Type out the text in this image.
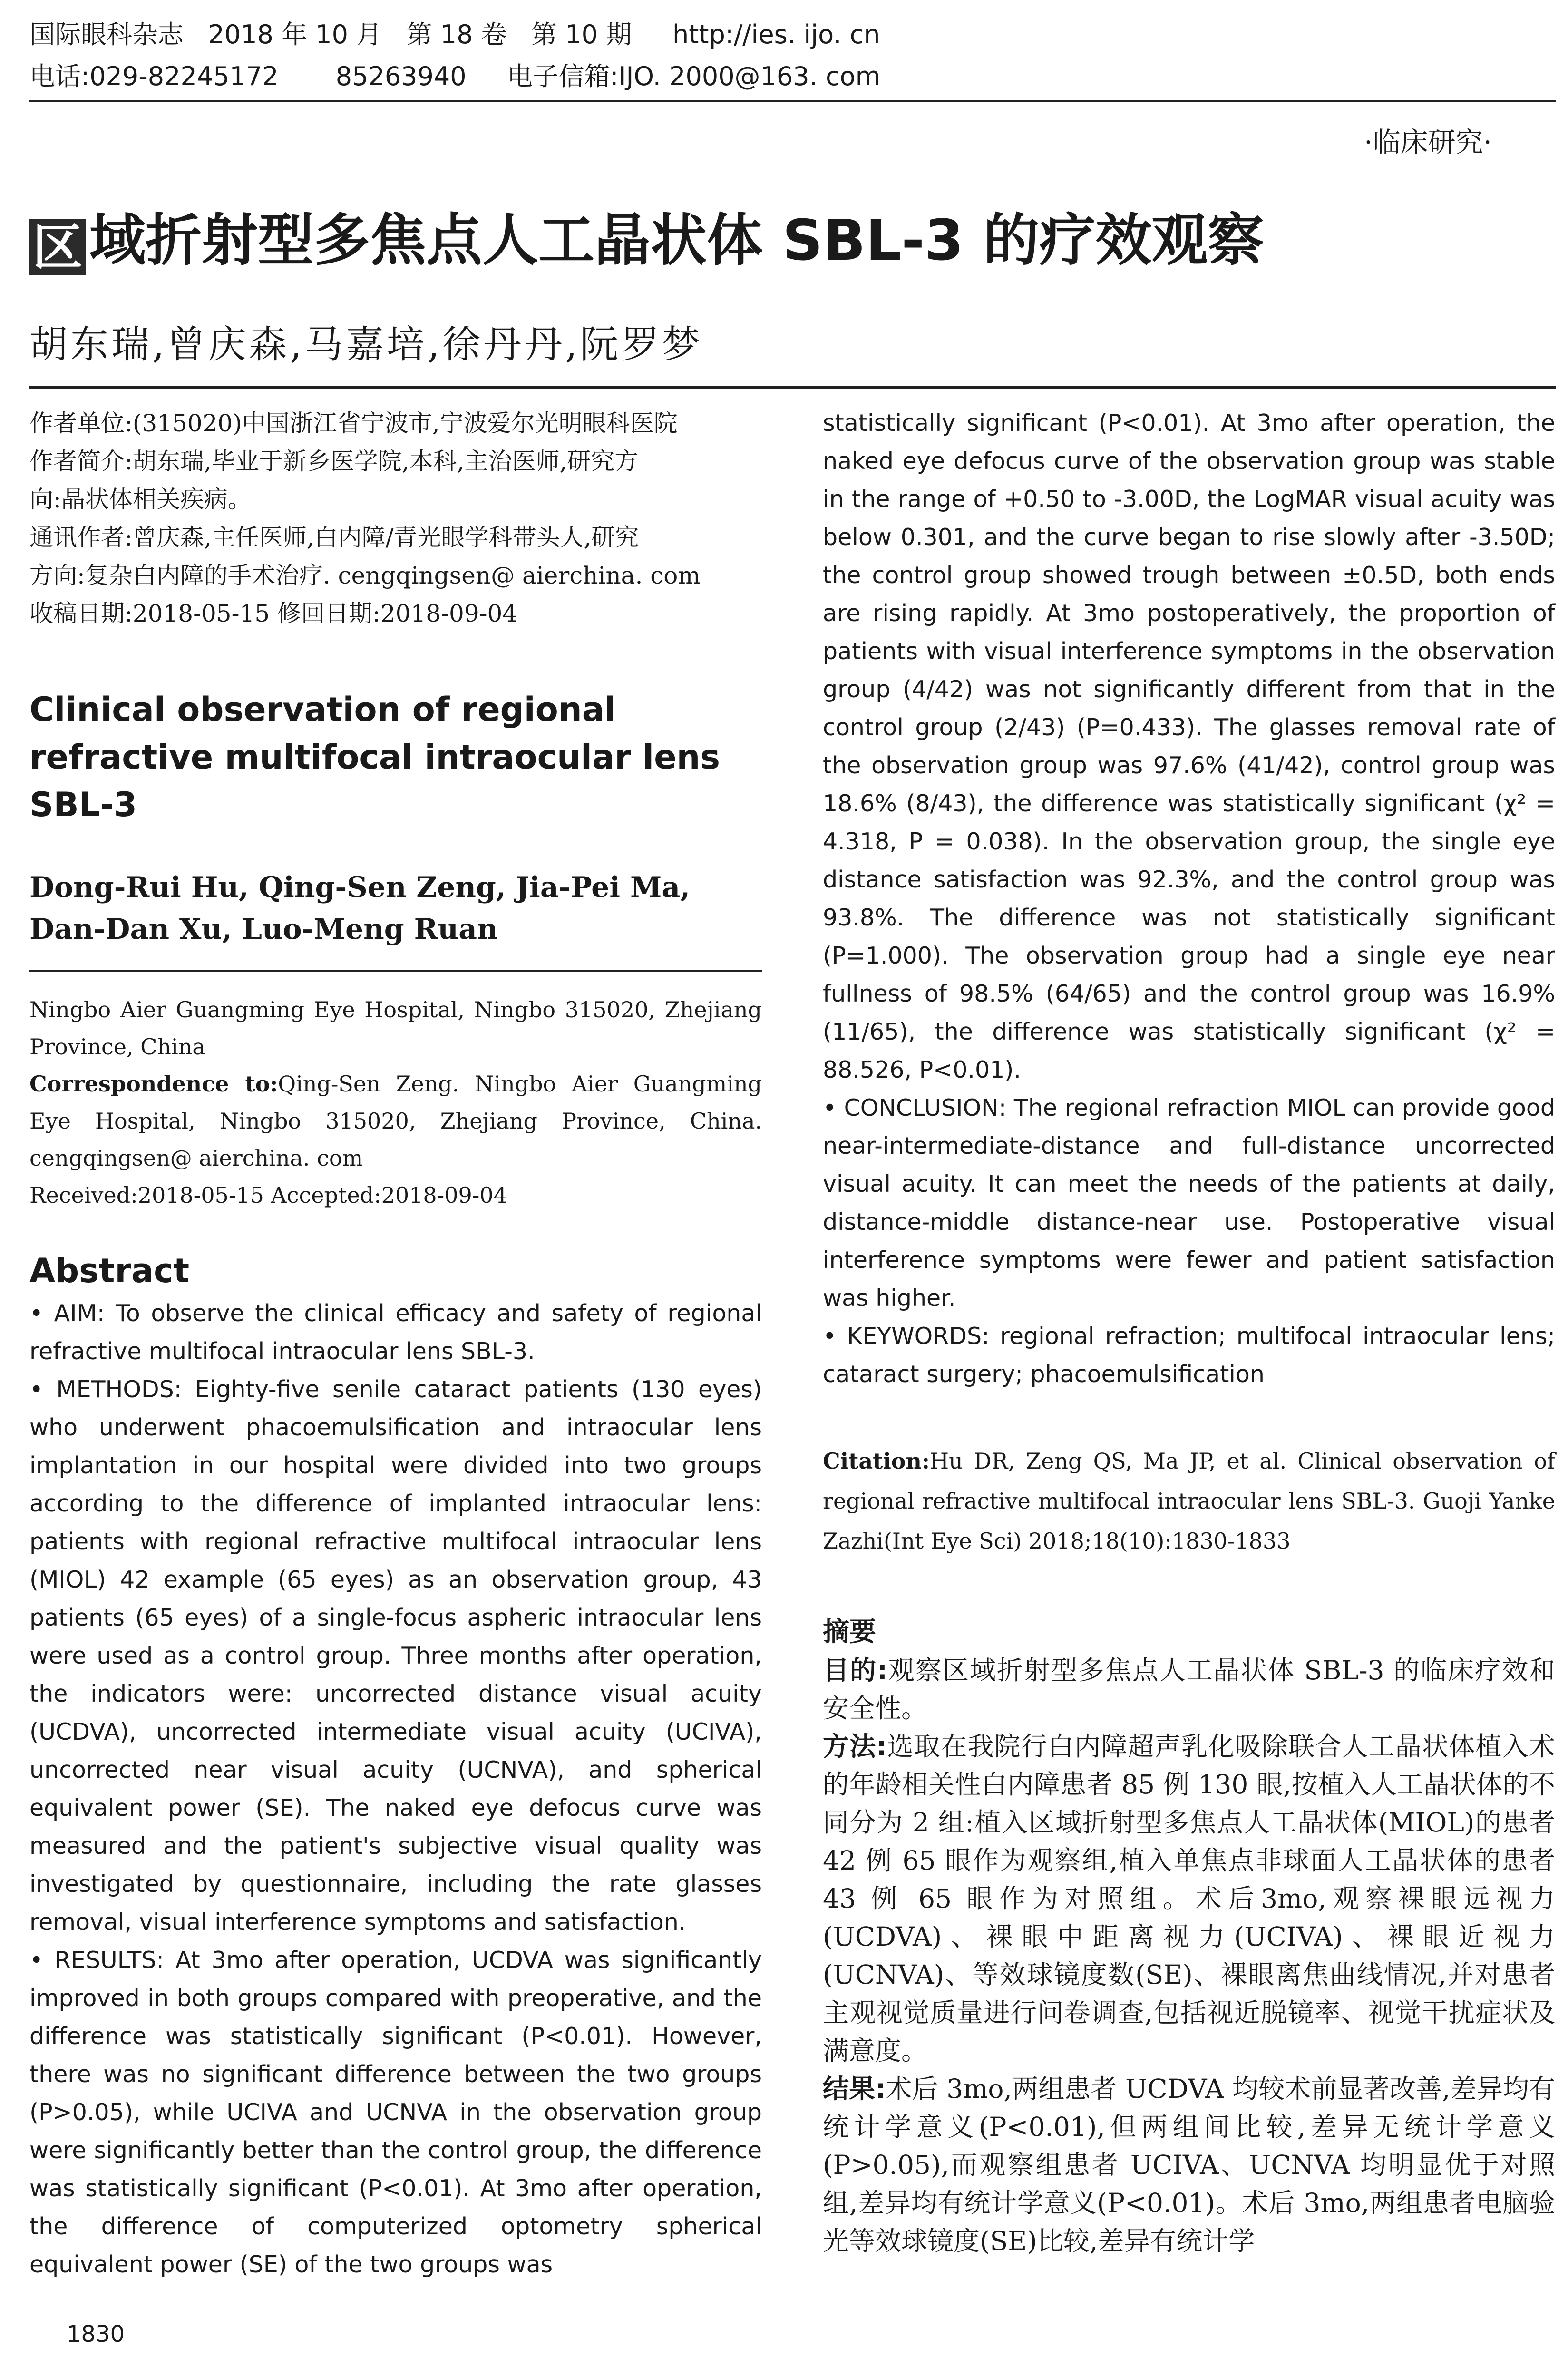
国际眼科杂志   2018 年 10 月   第 18 卷   第 10 期     http://ies. ijo. cn
电话:029-82245172       85263940     电子信箱:IJO. 2000@163. com
·临床研究·
区 域折射型多焦点人工晶状体 SBL-3 的疗效观察
胡东瑞,曾庆森,马嘉培,徐丹丹,阮罗梦

作者单位:(315020)中国浙江省宁波市,宁波爱尔光明眼科医院

作者简介:胡东瑞,毕业于新乡医学院,本科,主治医师,研究方

向:晶状体相关疾病。

通讯作者:曾庆森,主任医师,白内障/青光眼学科带头人,研究

方向:复杂白内障的手术治疗. cengqingsen@ aierchina. com

收稿日期:2018-05-15 修回日期:2018-09-04

Clinical observation of regional refractive multifocal intraocular lens SBL-3
Dong-Rui Hu, Qing-Sen Zeng, Jia-Pei Ma, Dan-Dan Xu, Luo-Meng Ruan

Ningbo Aier Guangming Eye Hospital, Ningbo 315020, Zhejiang Province, China

Correspondence to:Qing-Sen Zeng. Ningbo Aier Guangming Eye Hospital, Ningbo 315020, Zhejiang Province, China. cengqingsen@ aierchina. com

Received:2018-05-15 Accepted:2018-09-04

Abstract

• AIM: To observe the clinical efficacy and safety of regional refractive multifocal intraocular lens SBL-3.

• METHODS: Eighty-five senile cataract patients (130 eyes) who underwent phacoemulsification and intraocular lens implantation in our hospital were divided into two groups according to the difference of implanted intraocular lens: patients with regional refractive multifocal intraocular lens (MIOL) 42 example (65 eyes) as an observation group, 43 patients (65 eyes) of a single-focus aspheric intraocular lens were used as a control group. Three months after operation, the indicators were: uncorrected distance visual acuity (UCDVA), uncorrected intermediate visual acuity (UCIVA), uncorrected near visual acuity (UCNVA), and spherical equivalent power (SE). The naked eye defocus curve was measured and the patient's subjective visual quality was investigated by questionnaire, including the rate glasses removal, visual interference symptoms and satisfaction.

• RESULTS: At 3mo after operation, UCDVA was significantly improved in both groups compared with preoperative, and the difference was statistically significant (P<0.01). However, there was no significant difference between the two groups (P>0.05), while UCIVA and UCNVA in the observation group were significantly better than the control group, the difference was statistically significant (P<0.01). At 3mo after operation, the difference of computerized optometry spherical equivalent power (SE) of the two groups was

statistically significant (P<0.01). At 3mo after operation, the naked eye defocus curve of the observation group was stable in the range of +0.50 to -3.00D, the LogMAR visual acuity was below 0.301, and the curve began to rise slowly after -3.50D; the control group showed trough between ±0.5D, both ends are rising rapidly. At 3mo postoperatively, the proportion of patients with visual interference symptoms in the observation group (4/42) was not significantly different from that in the control group (2/43) (P=0.433). The glasses removal rate of the observation group was 97.6% (41/42), control group was 18.6% (8/43), the difference was statistically significant (χ² = 4.318, P = 0.038). In the observation group, the single eye distance satisfaction was 92.3%, and the control group was 93.8%. The difference was not statistically significant (P=1.000). The observation group had a single eye near fullness of 98.5% (64/65) and the control group was 16.9% (11/65), the difference was statistically significant (χ² = 88.526, P<0.01).

• CONCLUSION: The regional refraction MIOL can provide good near-intermediate-distance and full-distance uncorrected visual acuity. It can meet the needs of the patients at daily, distance-middle distance-near use. Postoperative visual interference symptoms were fewer and patient satisfaction was higher.

• KEYWORDS: regional refraction; multifocal intraocular lens; cataract surgery; phacoemulsification

Citation:Hu DR, Zeng QS, Ma JP, et al. Clinical observation of regional refractive multifocal intraocular lens SBL-3. Guoji Yanke Zazhi(Int Eye Sci) 2018;18(10):1830-1833
摘要

目的:观察区域折射型多焦点人工晶状体 SBL-3 的临床疗效和安全性。

方法:选取在我院行白内障超声乳化吸除联合人工晶状体植入术的年龄相关性白内障患者 85 例 130 眼,按植入人工晶状体的不同分为 2 组:植入区域折射型多焦点人工晶状体(MIOL)的患者 42 例 65 眼作为观察组,植入单焦点非球面人工晶状体的患者 43 例 65 眼作为对照组。术后3mo,观察裸眼远视力(UCDVA)、裸眼中距离视力(UCIVA)、裸眼近视力(UCNVA)、等效球镜度数(SE)、裸眼离焦曲线情况,并对患者主观视觉质量进行问卷调查,包括视近脱镜率、视觉干扰症状及满意度。

结果:术后 3mo,两组患者 UCDVA 均较术前显著改善,差异均有统计学意义(P<0.01),但两组间比较,差异无统计学意义(P>0.05),而观察组患者 UCIVA、UCNVA 均明显优于对照组,差异均有统计学意义(P<0.01)。术后 3mo,两组患者电脑验光等效球镜度(SE)比较,差异有统计学

1830
